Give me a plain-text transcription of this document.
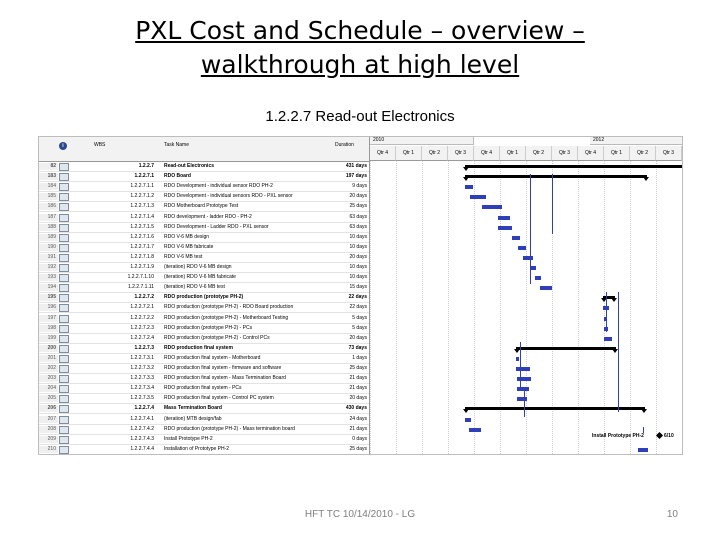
PXL Cost and Schedule – overview –
walkthrough at high level
1.2.2.7 Read-out Electronics
i	WBS	Task Name	Duration
82	1.2.2.7 Read-out Electronics	431 days
183	1.2.2.7.1 RDO Board	197 days
184	1.2.2.7.1.1 RDO Development - individual sensor RDO PH-2	9 days
185	1.2.2.7.1.2 RDO Development - individual sensors RDO - PXL sensor	20 days
186	1.2.2.7.1.3 RDO Motherboard Prototype Test	25 days
187	1.2.2.7.1.4 RDO development - ladder RDO - PH-2	63 days
188	1.2.2.7.1.5 RDO Development - Ladder RDO - PXL sensor	63 days
189	1.2.2.7.1.6 RDO V-6 MB design	10 days
190	1.2.2.7.1.7 RDO V-6 MB fabricate	10 days
191	1.2.2.7.1.8 RDO V-6 MB test	20 days
192	1.2.2.7.1.9 (iteration) RDO V-6 MB design	10 days
193	1.2.2.7.1.10 (iteration) RDO V-6 MB fabricate	10 days
194	1.2.2.7.1.11 (iteration) RDO V-6 MB test	15 days
195	1.2.2.7.2 RDO production (prototype PH-2)	22 days
196	1.2.2.7.2.1 RDO production (prototype PH-2) - RDO Board production	22 days
197	1.2.2.7.2.2 RDO production (prototype PH-2) - Motherboard Testing	5 days
198	1.2.2.7.2.3 RDO production (prototype PH-2) - PCs	5 days
199	1.2.2.7.2.4 RDO production (prototype PH-2) - Control PCs	20 days
200	1.2.2.7.3 RDO production final system	73 days
201	1.2.2.7.3.1 RDO production final system - Motherboard	1 days
202	1.2.2.7.3.2 RDO production final system - firmware and software	25 days
203	1.2.2.7.3.3 RDO production final system - Mass Termination Board	21 days
204	1.2.2.7.3.4 RDO production final system - PCs	21 days
205	1.2.2.7.3.5 RDO production final system - Control PC system	20 days
206	1.2.2.7.4 Mass Termination Board	430 days
207	1.2.2.7.4.1 (iteration) MTB design/fab	24 days
208	1.2.2.7.4.2 RDO production (prototype PH-2) - Mass termination board	21 days
209	1.2.2.7.4.3 Install Prototype PH-2	0 days
210	1.2.2.7.4.4 Installation of Prototype PH-2	25 days
2010	2012
Qtr 4	Qtr 1	Qtr 2	Qtr 3	Qtr 4	Qtr 1	Qtr 2	Qtr 3	Qtr 4	Qtr 1	Qtr 2	Qtr 3
Install Prototype PH-2	6/10
HFT TC 10/14/2010 - LG	10
